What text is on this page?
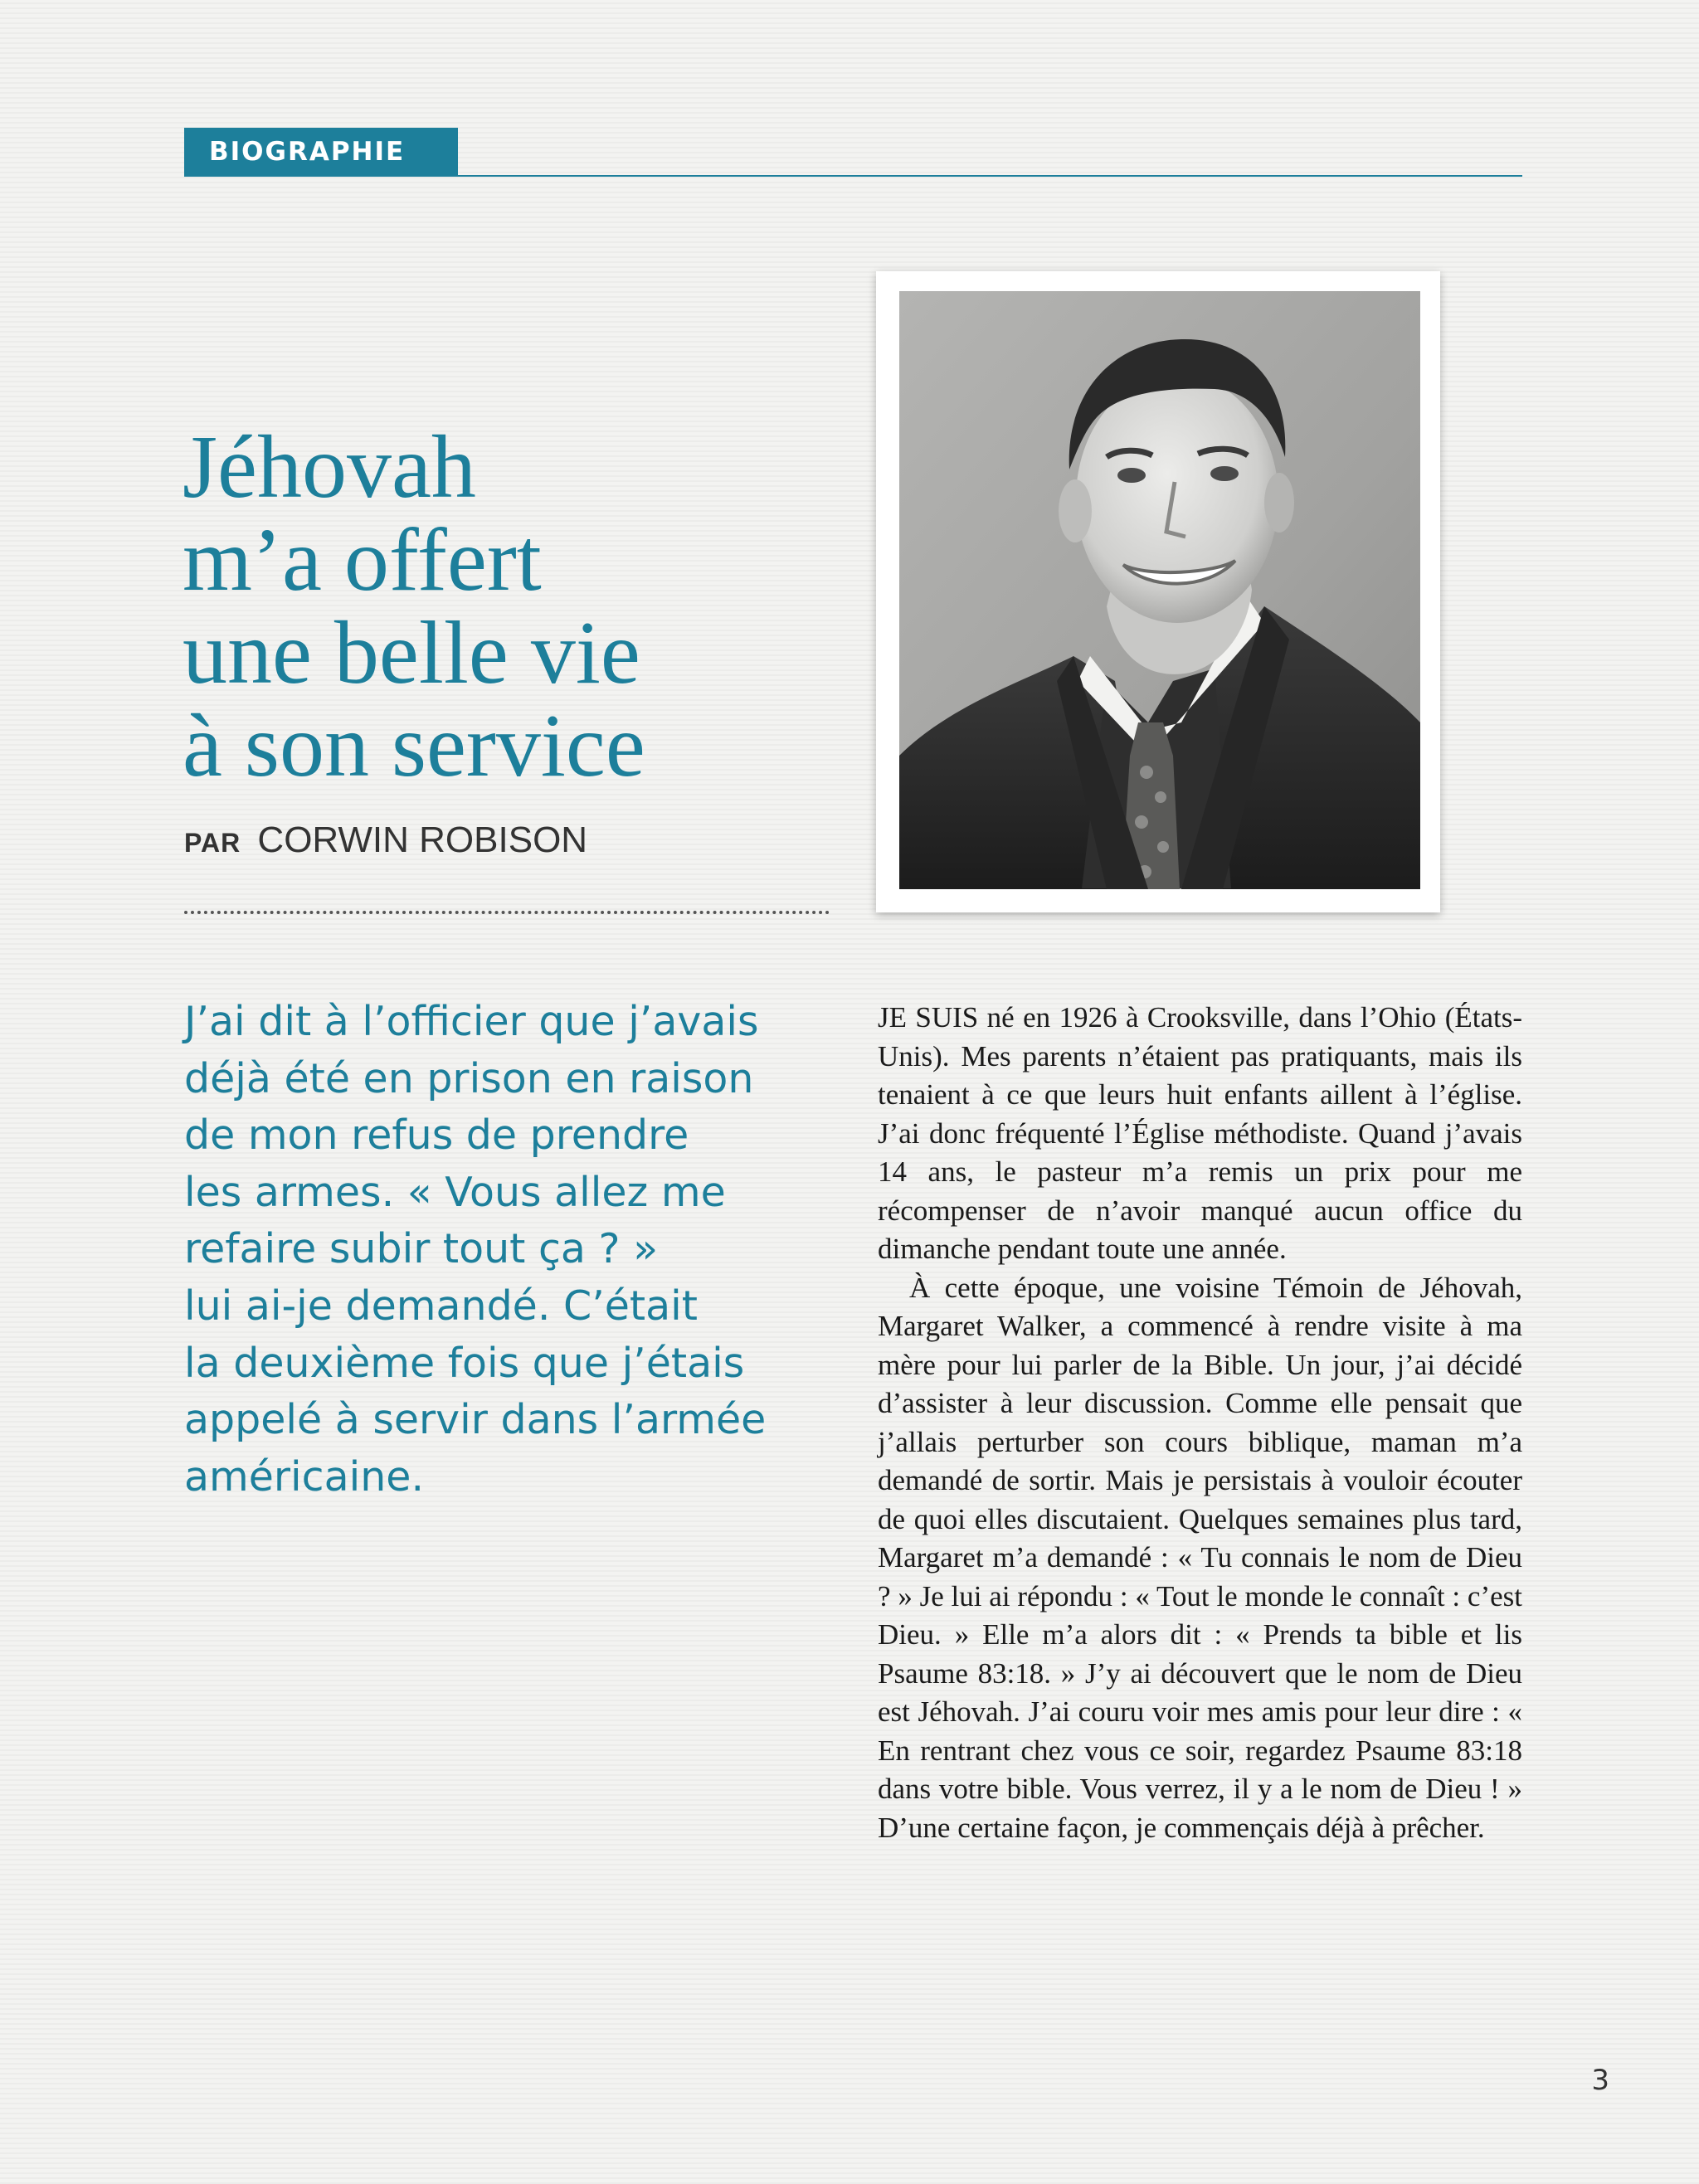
BIOGRAPHIE
Jéhovah
m’a offert
une belle vie
à son service
PAR CORWIN ROBISON
J’ai dit à l’officier que j’avais
déjà été en prison en raison
de mon refus de prendre
les armes. « Vous allez me
refaire subir tout ça ? »
lui ai-je demandé. C’était
la deuxième fois que j’étais
appelé à servir dans l’armée
américaine.

JE SUIS né en 1926 à Crooksville, dans l’Ohio (États-Unis). Mes parents n’étaient pas pratiquants, mais ils tenaient à ce que leurs huit enfants aillent à l’église. J’ai donc fréquenté l’Église méthodiste. Quand j’avais 14 ans, le pasteur m’a remis un prix pour me récompenser de n’avoir manqué aucun office du dimanche pendant toute une année.

À cette époque, une voisine Témoin de Jéhovah, Margaret Walker, a commencé à rendre visite à ma mère pour lui parler de la Bible. Un jour, j’ai décidé d’assister à leur discussion. Comme elle pensait que j’allais perturber son cours biblique, maman m’a demandé de sortir. Mais je persistais à vouloir écouter de quoi elles discutaient. Quelques semaines plus tard, Margaret m’a demandé : « Tu connais le nom de Dieu ? » Je lui ai répondu : « Tout le monde le connaît : c’est Dieu. » Elle m’a alors dit : « Prends ta bible et lis Psaume 83:18. » J’y ai découvert que le nom de Dieu est Jéhovah. J’ai couru voir mes amis pour leur dire : « En rentrant chez vous ce soir, regardez Psaume 83:18 dans votre bible. Vous verrez, il y a le nom de Dieu ! » D’une certaine façon, je commençais déjà à prêcher.

3
